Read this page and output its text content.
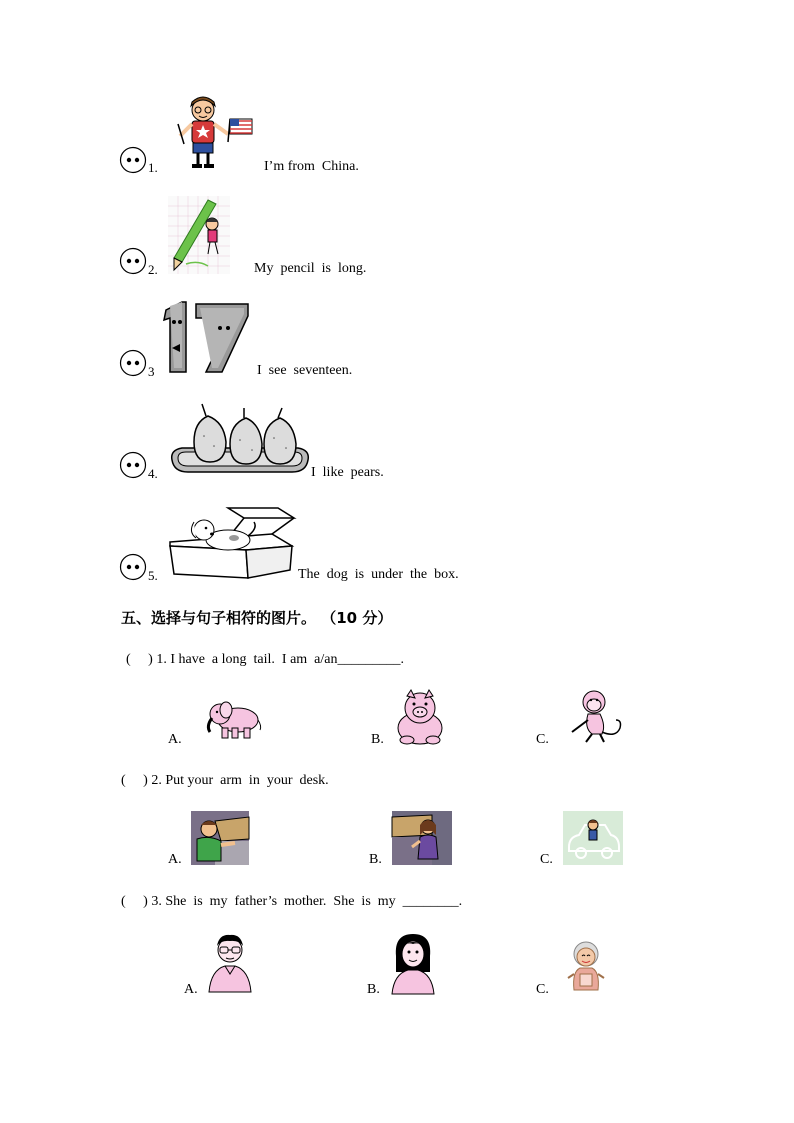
1.	I’m from  China.
2.	My  pencil  is  long.
3	I  see  seventeen.
4.	I  like  pears.
5.	The  dog  is  under  the  box.
五、选择与句子相符的图片。 （10 分）
(     ) 1. I have  a long  tail.  I am  a/an_________.
A.	B.	C.
(     ) 2. Put your  arm  in  your  desk.
A.	B.	C.
(     ) 3. She  is  my  father’s  mother.  She  is  my  ________.
A.	B.	C.
